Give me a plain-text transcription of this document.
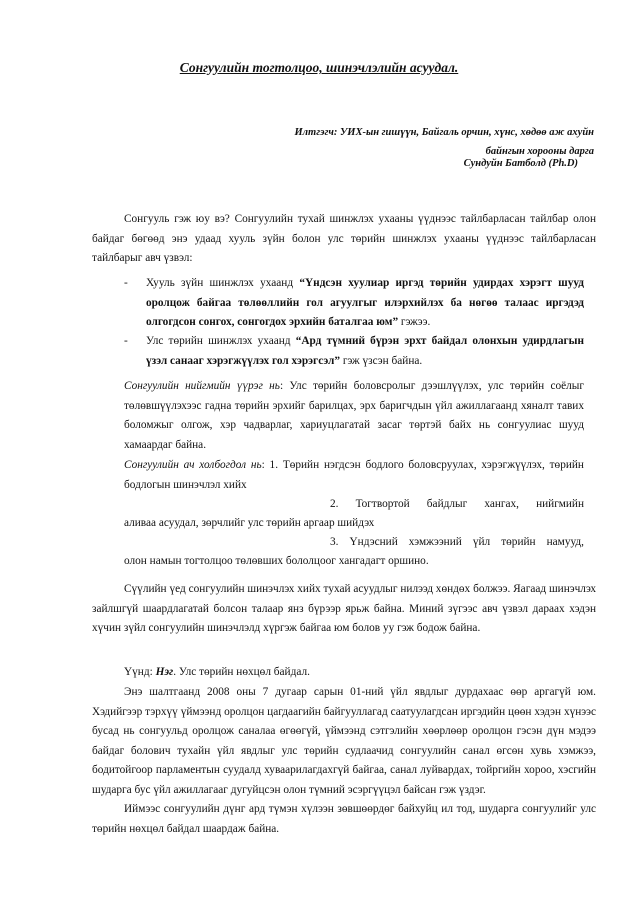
Сонгуулийн тогтолцоо, шинэчлэлийн асуудал.
Илтгэгч: УИХ-ын гишүүн, Байгаль орчин, хүнс, хөдөө аж ахуйн
байнгын хорооны дарга
Сундуйн Батболд (Ph.D)
Сонгууль гэж юу вэ? Сонгуулийн тухай шинжлэх ухааны үүднээс тайлбарласан тайлбар олон байдаг бөгөөд энэ удаад хууль зүйн болон улс төрийн шинжлэх ухааны үүднээс тайлбарласан тайлбарыг авч үзвэл:
- Хууль зүйн шинжлэх ухаанд “Үндсэн хуулиар иргэд төрийн удирдах хэрэгт шууд оролцож байгаа төлөөллийн гол агуулгыг илэрхийлэх ба нөгөө талаас иргэдэд олгогдсон сонгох, сонгогдох эрхийн баталгаа юм” гэжээ.
- Улс төрийн шинжлэх ухаанд “Ард түмний бүрэн эрхт байдал олонхын удирдлагын үзэл санааг хэрэгжүүлэх гол хэрэгсэл” гэж үзсэн байна.
Сонгуулийн нийгмийн үүрэг нь: Улс төрийн боловсролыг дээшлүүлэх, улс төрийн соёлыг төлөвшүүлэхээс гадна төрийн эрхийг барилцах, эрх баригчдын үйл ажиллагаанд хяналт тавих боломжыг олгож, хэр чадварлаг, хариуцлагатай засаг төртэй байх нь сонгуулиас шууд хамаардаг байна.
Сонгуулийн ач холбогдол нь: 1. Төрийн нэгдсэн бодлого боловсруулах, хэрэгжүүлэх, төрийн бодлогын шинэчлэл хийх
2. Тогтвортой байдлыг хангах, нийгмийн
аливаа асуудал, зөрчлийг улс төрийн аргаар шийдэх
3. Үндэсний хэмжээний үйл төрийн намууд,
олон намын тогтолцоо төлөвших бололцоог хангадагт оршино.
Сүүлийн үед сонгуулийн шинэчлэх хийх тухай асуудлыг нилээд хөндөх болжээ. Яагаад шинэчлэх зайлшгүй шаардлагатай болсон талаар янз бүрээр ярьж байна. Миний зүгээс авч үзвэл дараах хэдэн хүчин зүйл сонгуулийн шинэчлэлд хүргэж байгаа юм болов уу гэж бодож байна.
Үүнд: Нэг. Улс төрийн нөхцөл байдал.
Энэ шалтгаанд 2008 оны 7 дугаар сарын 01-ний үйл явдлыг дурдахаас өөр аргагүй юм. Хэдийгээр тэрхүү үймээнд оролцон цагдаагийн байгууллагад саатуулагдсан иргэдийн цөөн хэдэн хүнээс бусад нь сонгуульд оролцож саналаа өгөөгүй, үймээнд сэтгэлийн хөөрлөөр оролцон гэсэн дүн мэдээ байдаг болович тухайн үйл явдлыг улс төрийн судлаачид сонгуулийн санал өгсөн хувь хэмжээ, бодитойгоор парламентын суудалд хуваарилагдахгүй байгаа, санал луйвардах, тойргийн хороо, хэсгийн шударга бус үйл ажиллагааг дугуйцсэн олон түмний эсэргүүцэл байсан гэж үздэг.
Иймээс сонгуулийн дүнг ард түмэн хүлээн зөвшөөрдөг байхуйц ил тод, шударга сонгуулийг улс төрийн нөхцөл байдал шаардаж байна.
